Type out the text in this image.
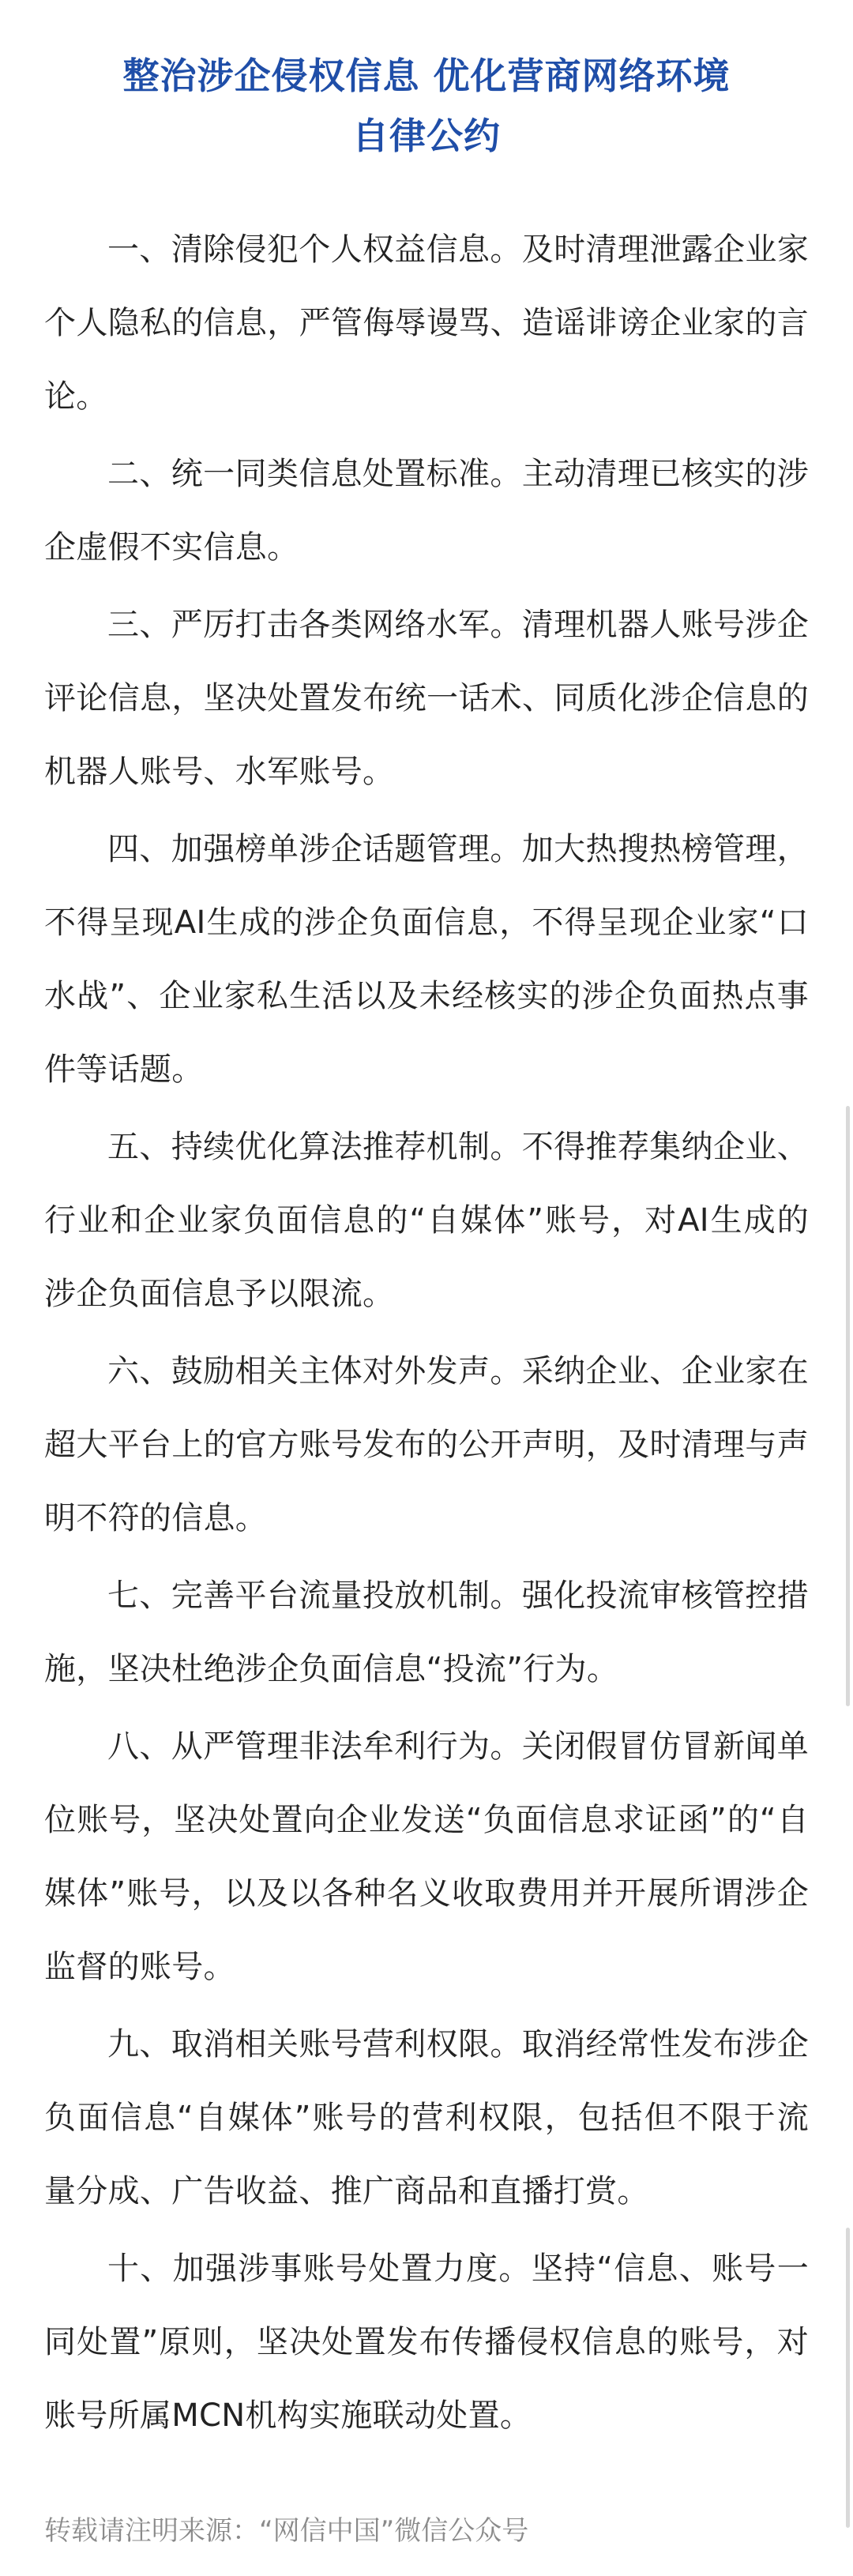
整治涉企侵权信息 优化营商网络环境

自律公约

一、清除侵犯个人权益信息。及时清理泄露企业家个人隐私的信息，严管侮辱谩骂、造谣诽谤企业家的言论。

二、统一同类信息处置标准。主动清理已核实的涉企虚假不实信息。

三、严厉打击各类网络水军。清理机器人账号涉企评论信息，坚决处置发布统一话术、同质化涉企信息的机器人账号、水军账号。

四、加强榜单涉企话题管理。加大热搜热榜管理，不得呈现AI生成的涉企负面信息，不得呈现企业家“口水战”、企业家私生活以及未经核实的涉企负面热点事件等话题。

五、持续优化算法推荐机制。不得推荐集纳企业、行业和企业家负面信息的“自媒体”账号，对AI生成的涉企负面信息予以限流。

六、鼓励相关主体对外发声。采纳企业、企业家在超大平台上的官方账号发布的公开声明，及时清理与声明不符的信息。

七、完善平台流量投放机制。强化投流审核管控措施，坚决杜绝涉企负面信息“投流”行为。

八、从严管理非法牟利行为。关闭假冒仿冒新闻单位账号，坚决处置向企业发送“负面信息求证函”的“自媒体”账号，以及以各种名义收取费用并开展所谓涉企监督的账号。

九、取消相关账号营利权限。取消经常性发布涉企负面信息“自媒体”账号的营利权限，包括但不限于流量分成、广告收益、推广商品和直播打赏。

十、加强涉事账号处置力度。坚持“信息、账号一同处置”原则，坚决处置发布传播侵权信息的账号，对账号所属MCN机构实施联动处置。

转载请注明来源：“网信中国”微信公众号
